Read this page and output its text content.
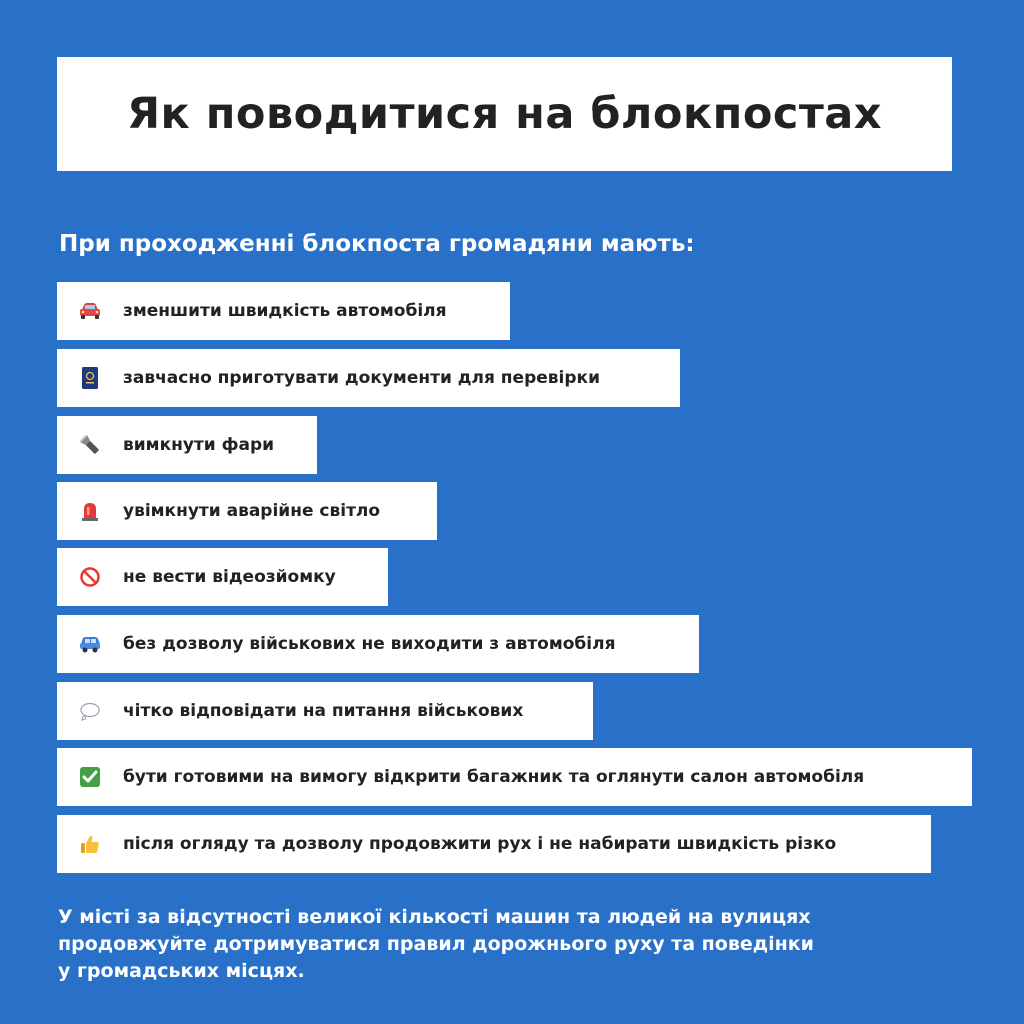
Як поводитися на блокпостах
При проходженні блокпоста громадяни мають:
зменшити швидкість автомобіля
завчасно приготувати документи для перевірки
вимкнути фари
увімкнути аварійне світло
не вести відеозйомку
без дозволу військових не виходити з автомобіля
чітко відповідати на питання військових
бути готовими на вимогу відкрити багажник та оглянути салон автомобіля
після огляду та дозволу продовжити рух і не набирати швидкість різко
У місті за відсутності великої кількості машин та людей на вулицях
продовжуйте дотримуватися правил дорожнього руху та поведінки
у громадських місцях.
